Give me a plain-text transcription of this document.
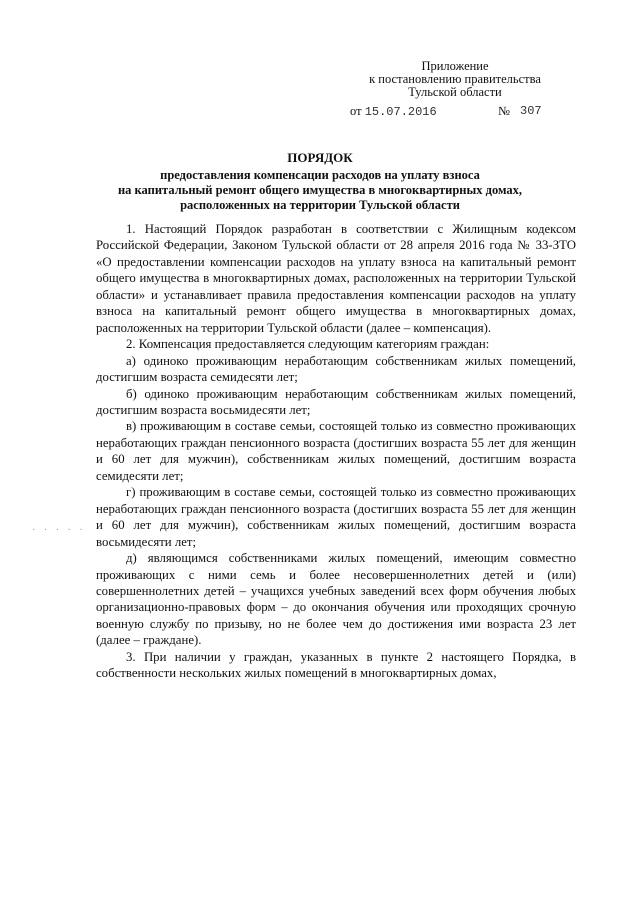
Приложение
к постановлению правительства
Тульской области
от 15.07.2016	№ 307
ПОРЯДОК
предоставления компенсации расходов на уплату взноса
на капитальный ремонт общего имущества в многоквартирных домах,
расположенных на территории Тульской области

1. Настоящий Порядок разработан в соответствии с Жилищным кодексом Российской Федерации, Законом Тульской области от 28 апреля 2016 года № 33-ЗТО «О предоставлении компенсации расходов на уплату взноса на капитальный ремонт общего имущества в многоквартирных домах, расположенных на территории Тульской области» и устанавливает правила предоставления компенсации расходов на уплату взноса на капитальный ремонт общего имущества в многоквартирных домах, расположенных на территории Тульской области (далее – компенсация).

2. Компенсация предоставляется следующим категориям граждан:

а) одиноко проживающим неработающим собственникам жилых помещений, достигшим возраста семидесяти лет;

б) одиноко проживающим неработающим собственникам жилых помещений, достигшим возраста восьмидесяти лет;

в) проживающим в составе семьи, состоящей только из совместно проживающих неработающих граждан пенсионного возраста (достигших возраста 55 лет для женщин и 60 лет для мужчин), собственникам жилых помещений, достигшим возраста семидесяти лет;

г) проживающим в составе семьи, состоящей только из совместно проживающих неработающих граждан пенсионного возраста (достигших возраста 55 лет для женщин и 60 лет для мужчин), собственникам жилых помещений, достигшим возраста восьмидесяти лет;

д) являющимся собственниками жилых помещений, имеющим совместно проживающих с ними семь и более несовершеннолетних детей и (или) совершеннолетних детей – учащихся учебных заведений всех форм обучения любых организационно-правовых форм – до окончания обучения или проходящих срочную военную службу по призыву, но не более чем до достижения ими возраста 23 лет (далее – граждане).

3. При наличии у граждан, указанных в пункте 2 настоящего Порядка, в собственности нескольких жилых помещений в многоквартирных домах,

· · · · ·
